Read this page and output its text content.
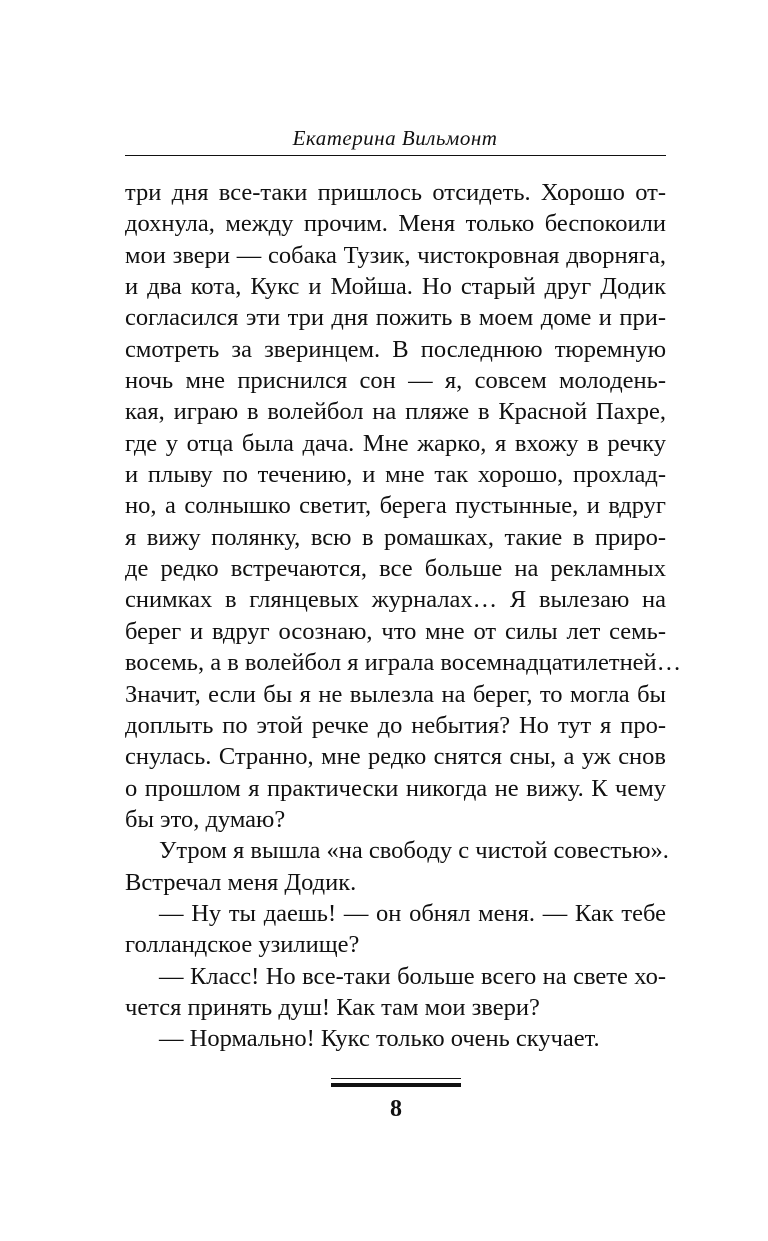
Екатерина Вильмонт
три дня все-таки пришлось отсидеть. Хорошо от-
дохнула, между прочим. Меня только беспокоили
мои звери — собака Тузик, чистокровная дворняга,
и два кота, Кукс и Мойша. Но старый друг Додик
согласился эти три дня пожить в моем доме и при-
смотреть за зверинцем. В последнюю тюремную
ночь мне приснился сон — я, совсем молодень-
кая, играю в волейбол на пляже в Красной Пахре,
где у отца была дача. Мне жарко, я вхожу в речку
и плыву по течению, и мне так хорошо, прохлад-
но, а солнышко светит, берега пустынные, и вдруг
я вижу полянку, всю в ромашках, такие в приро-
де редко встречаются, все больше на рекламных
снимках в глянцевых журналах… Я вылезаю на
берег и вдруг осознаю, что мне от силы лет семь-
восемь, а в волейбол я играла восемнадцатилетней…
Значит, если бы я не вылезла на берег, то могла бы
доплыть по этой речке до небытия? Но тут я про-
снулась. Странно, мне редко снятся сны, а уж снов
о прошлом я практически никогда не вижу. К чему
бы это, думаю?
Утром я вышла «на свободу с чистой совестью».
Встречал меня Додик.
— Ну ты даешь! — он обнял меня. — Как тебе
голландское узилище?
— Класс! Но все-таки больше всего на свете хо-
чется принять душ! Как там мои звери?
— Нормально! Кукс только очень скучает.
8
